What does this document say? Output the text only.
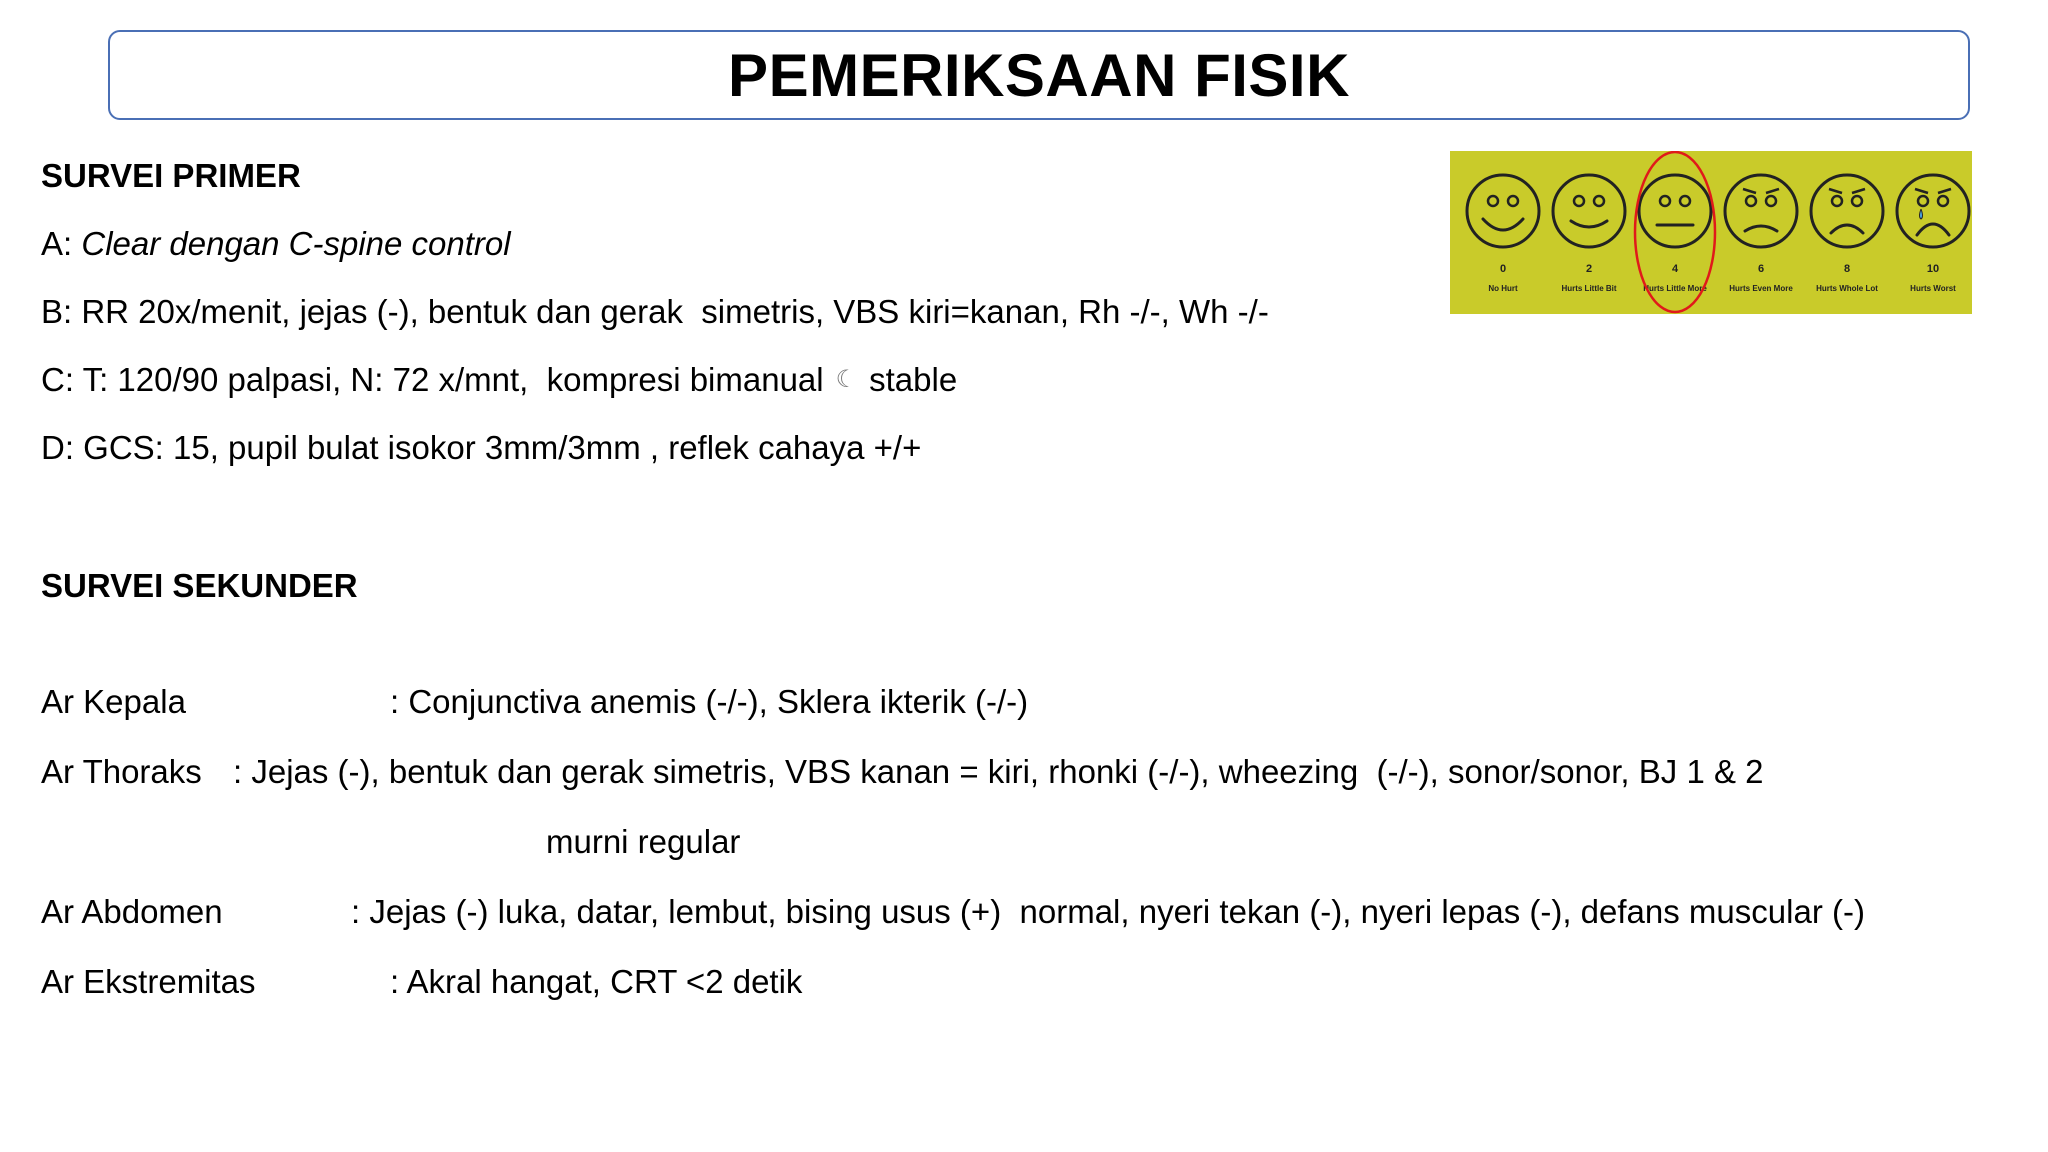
PEMERIKSAAN FISIK
SURVEI PRIMER
A: Clear dengan C-spine control
B: RR 20x/menit, jejas (-), bentuk dan gerak  simetris, VBS kiri=kanan, Rh -/-, Wh -/-
C: T: 120/90 palpasi, N: 72 x/mnt,  kompresi bimanual ☾ stable
D: GCS: 15, pupil bulat isokor 3mm/3mm , reflek cahaya +/+
SURVEI SEKUNDER
Ar Kepala	: Conjunctiva anemis (-/-), Sklera ikterik (-/-)
Ar Thoraks : Jejas (-), bentuk dan gerak simetris, VBS kanan = kiri, rhonki (-/-), wheezing  (-/-), sonor/sonor, BJ 1 & 2
murni regular
Ar Abdomen	: Jejas (-) luka, datar, lembut, bising usus (+)  normal, nyeri tekan (-), nyeri lepas (-), defans muscular (-)
Ar Ekstremitas	: Akral hangat, CRT <2 detik
0
No Hurt
2
Hurts Little Bit
4
Hurts Little More
6
Hurts Even More
8
Hurts Whole Lot
10
Hurts Worst
